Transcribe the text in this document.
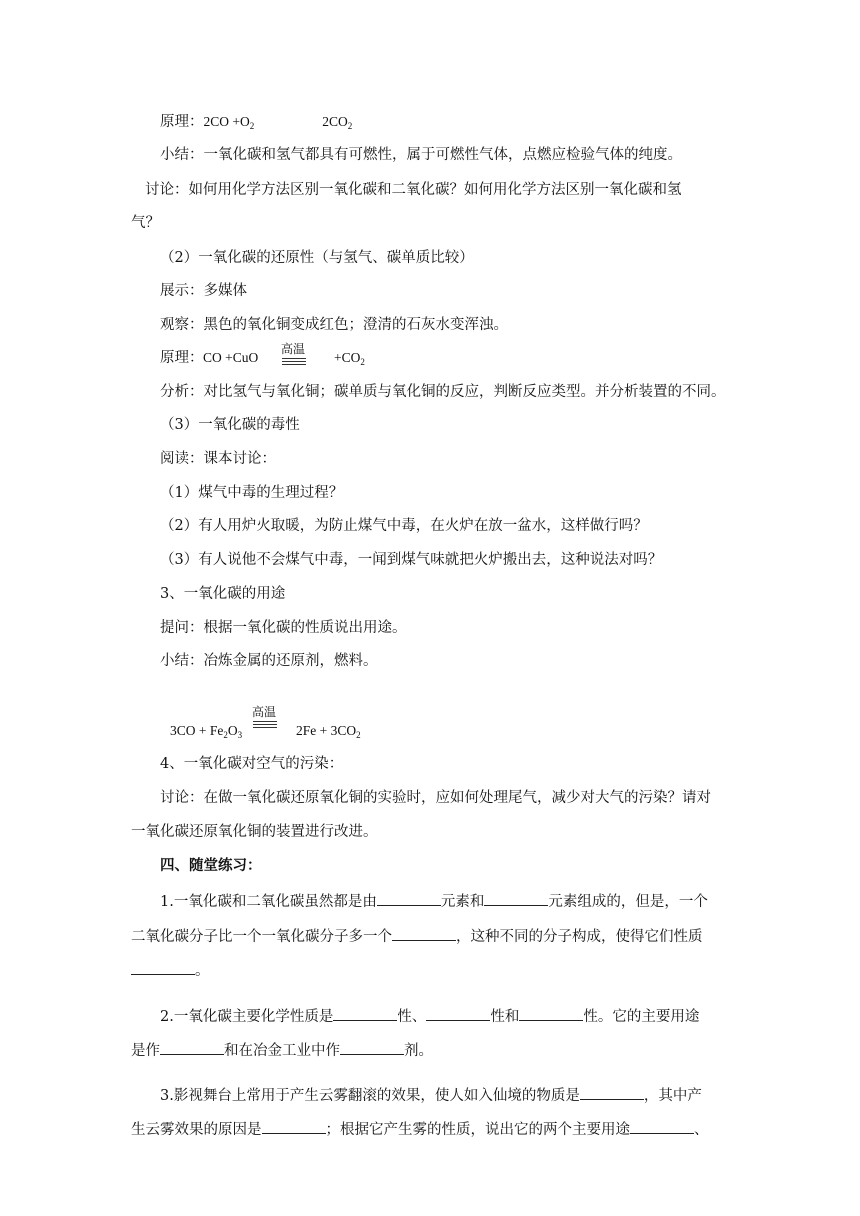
原理：$2CO +O_2$	$2CO_2$
小结：一氧化碳和氢气都具有可燃性，属于可燃性气体，点燃应检验气体的纯度。
讨论：如何用化学方法区别一氧化碳和二氧化碳？如何用化学方法区别一氧化碳和氢
气？
（2）一氧化碳的还原性（与氢气、碳单质比较）
展示：多媒体
观察：黑色的氧化铜变成红色；澄清的石灰水变浑浊。
原理： CO +CuO
高温
$+CO_2$
分析：对比氢气与氧化铜；碳单质与氧化铜的反应，判断反应类型。并分析装置的不同。
（3）一氧化碳的毒性
阅读：课本讨论：
（1）煤气中毒的生理过程？
（2）有人用炉火取暖，为防止煤气中毒，在火炉在放一盆水，这样做行吗？
（3）有人说他不会煤气中毒，一闻到煤气味就把火炉搬出去，这种说法对吗？
3、一氧化碳的用途
提问：根据一氧化碳的性质说出用途。
小结：冶炼金属的还原剂，燃料。
$3CO + Fe_2O_3$
高温
$2Fe + 3CO_2$
4、一氧化碳对空气的污染：
讨论：在做一氧化碳还原氧化铜的实验时，应如何处理尾气，减少对大气的污染？请对
一氧化碳还原氧化铜的装置进行改进。
四、随堂练习：
1.一氧化碳和二氧化碳虽然都是由	元素和	元素组成的，但是，一个
二氧化碳分子比一个一氧化碳分子多一个	，这种不同的分子构成，使得它们性质
。
2.一氧化碳主要化学性质是	性、	性和	性。它的主要用途
是作	和在冶金工业中作	剂。
3.影视舞台上常用于产生云雾翻滚的效果，使人如入仙境的物质是	，其中产
生云雾效果的原因是	；根据它产生雾的性质，说出它的两个主要用途	、
